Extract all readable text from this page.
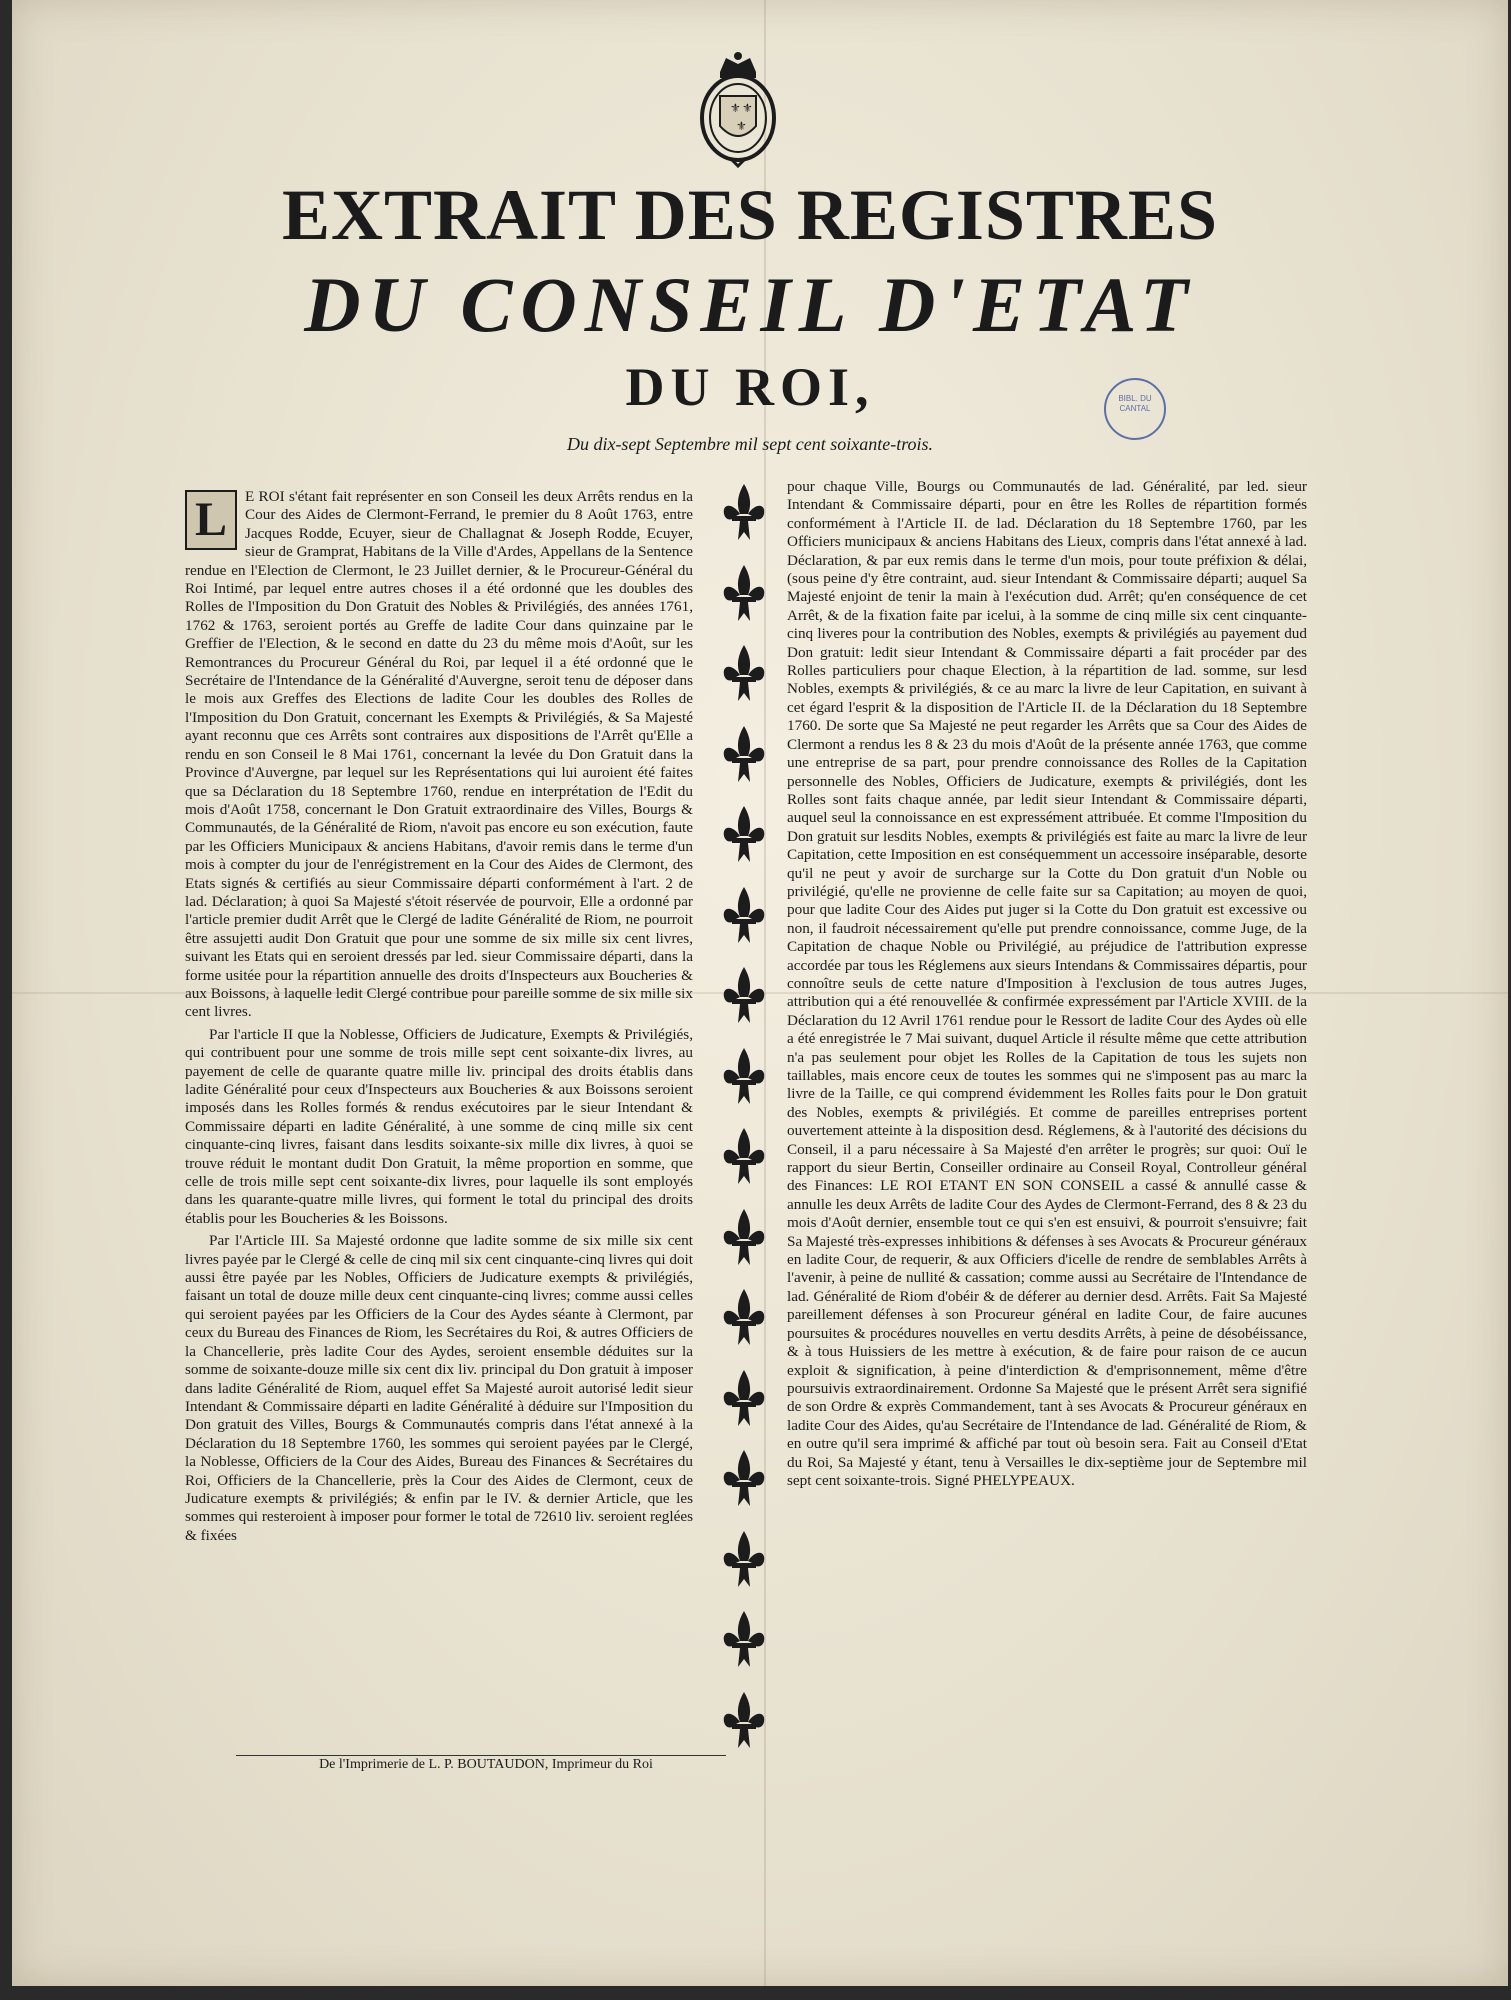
⚜ ⚜
⚜
EXTRAIT DES REGISTRES
DU CONSEIL D'ETAT
DU ROI,
Du dix-sept Septembre mil sept cent soixante-trois.
BIBL. DU CANTAL

L	E ROI s'étant fait représenter en son Conseil les deux Arrêts rendus en la Cour des Aides de Clermont-Ferrand, le premier du 8 Août 1763, entre Jacques Rodde, Ecuyer, sieur de Challagnat & Joseph Rodde, Ecuyer, sieur de Gramprat, Habitans de la Ville d'Ardes, Appellans de la Sentence rendue en l'Election de Clermont, le 23 Juillet dernier, & le Procureur-Général du Roi Intimé, par lequel entre autres choses il a été ordonné que les doubles des Rolles de l'Imposition du Don Gratuit des Nobles & Privilégiés, des années 1761, 1762 & 1763, seroient portés au Greffe de ladite Cour dans quinzaine par le Greffier de l'Election, & le second en datte du 23 du même mois d'Août, sur les Remontrances du Procureur Général du Roi, par lequel il a été ordonné que le Secrétaire de l'Intendance de la Généralité d'Auvergne, seroit tenu de déposer dans le mois aux Greffes des Elections de ladite Cour les doubles des Rolles de l'Imposition du Don Gratuit, concernant les Exempts & Privilégiés, & Sa Majesté ayant reconnu que ces Arrêts sont contraires aux dispositions de l'Arrêt qu'Elle a rendu en son Conseil le 8 Mai 1761, concernant la levée du Don Gratuit dans la Province d'Auvergne, par lequel sur les Représentations qui lui auroient été faites que sa Déclaration du 18 Septembre 1760, rendue en interprétation de l'Edit du mois d'Août 1758, concernant le Don Gratuit extraordinaire des Villes, Bourgs & Communautés, de la Généralité de Riom, n'avoit pas encore eu son exécution, faute par les Officiers Municipaux & anciens Habitans, d'avoir remis dans le terme d'un mois à compter du jour de l'enrégistrement en la Cour des Aides de Clermont, des Etats signés & certifiés au sieur Commissaire départi conformément à l'art. 2 de lad. Déclaration; à quoi Sa Majesté s'étoit réservée de pourvoir, Elle a ordonné par l'article premier dudit Arrêt que le Clergé de ladite Généralité de Riom, ne pourroit être assujetti audit Don Gratuit que pour une somme de six mille six cent livres, suivant les Etats qui en seroient dressés par led. sieur Commissaire départi, dans la forme usitée pour la répartition annuelle des droits d'Inspecteurs aux Boucheries & aux Boissons, à laquelle ledit Clergé contribue pour pareille somme de six mille six cent livres.

Par l'article II que la Noblesse, Officiers de Judicature, Exempts & Privilégiés, qui contribuent pour une somme de trois mille sept cent soixante-dix livres, au payement de celle de quarante quatre mille liv. principal des droits établis dans ladite Généralité pour ceux d'Inspecteurs aux Boucheries & aux Boissons seroient imposés dans les Rolles formés & rendus exécutoires par le sieur Intendant & Commissaire départi en ladite Généralité, à une somme de cinq mille six cent cinquante-cinq livres, faisant dans lesdits soixante-six mille dix livres, à quoi se trouve réduit le montant dudit Don Gratuit, la même proportion en somme, que celle de trois mille sept cent soixante-dix livres, pour laquelle ils sont employés dans les quarante-quatre mille livres, qui forment le total du principal des droits établis pour les Boucheries & les Boissons.

Par l'Article III. Sa Majesté ordonne que ladite somme de six mille six cent livres payée par le Clergé & celle de cinq mil six cent cinquante-cinq livres qui doit aussi être payée par les Nobles, Officiers de Judicature exempts & privilégiés, faisant un total de douze mille deux cent cinquante-cinq livres; comme aussi celles qui seroient payées par les Officiers de la Cour des Aydes séante à Clermont, par ceux du Bureau des Finances de Riom, les Secrétaires du Roi, & autres Officiers de la Chancellerie, près ladite Cour des Aydes, seroient ensemble déduites sur la somme de soixante-douze mille six cent dix liv. principal du Don gratuit à imposer dans ladite Généralité de Riom, auquel effet Sa Majesté auroit autorisé ledit sieur Intendant & Commissaire départi en ladite Généralité à déduire sur l'Imposition du Don gratuit des Villes, Bourgs & Communautés compris dans l'état annexé à la Déclaration du 18 Septembre 1760, les sommes qui seroient payées par le Clergé, la Noblesse, Officiers de la Cour des Aides, Bureau des Finances & Secrétaires du Roi, Officiers de la Chancellerie, près la Cour des Aides de Clermont, ceux de Judicature exempts & privilégiés; & enfin par le IV. & dernier Article, que les sommes qui resteroient à imposer pour former le total de 72610 liv. seroient reglées & fixées

pour chaque Ville, Bourgs ou Communautés de lad. Généralité, par led. sieur Intendant & Commissaire départi, pour en être les Rolles de répartition formés conformément à l'Article II. de lad. Déclaration du 18 Septembre 1760, par les Officiers municipaux & anciens Habitans des Lieux, compris dans l'état annexé à lad. Déclaration, & par eux remis dans le terme d'un mois, pour toute préfixion & délai, (sous peine d'y être contraint, aud. sieur Intendant & Commissaire départi; auquel Sa Majesté enjoint de tenir la main à l'exécution dud. Arrêt; qu'en conséquence de cet Arrêt, & de la fixation faite par icelui, à la somme de cinq mille six cent cinquante-cinq liveres pour la contribution des Nobles, exempts & privilégiés au payement dud Don gratuit: ledit sieur Intendant & Commissaire départi a fait procéder par des Rolles particuliers pour chaque Election, à la répartition de lad. somme, sur lesd Nobles, exempts & privilégiés, & ce au marc la livre de leur Capitation, en suivant à cet égard l'esprit & la disposition de l'Article II. de la Déclaration du 18 Septembre 1760. De sorte que Sa Majesté ne peut regarder les Arrêts que sa Cour des Aides de Clermont a rendus les 8 & 23 du mois d'Août de la présente année 1763, que comme une entreprise de sa part, pour prendre connoissance des Rolles de la Capitation personnelle des Nobles, Officiers de Judicature, exempts & privilégiés, dont les Rolles sont faits chaque année, par ledit sieur Intendant & Commissaire départi, auquel seul la connoissance en est expressément attribuée. Et comme l'Imposition du Don gratuit sur lesdits Nobles, exempts & privilégiés est faite au marc la livre de leur Capitation, cette Imposition en est conséquemment un accessoire inséparable, desorte qu'il ne peut y avoir de surcharge sur la Cotte du Don gratuit d'un Noble ou privilégié, qu'elle ne provienne de celle faite sur sa Capitation; au moyen de quoi, pour que ladite Cour des Aides put juger si la Cotte du Don gratuit est excessive ou non, il faudroit nécessairement qu'elle put prendre connoissance, comme Juge, de la Capitation de chaque Noble ou Privilégié, au préjudice de l'attribution expresse accordée par tous les Réglemens aux sieurs Intendans & Commissaires départis, pour connoître seuls de cette nature d'Imposition à l'exclusion de tous autres Juges, attribution qui a été renouvellée & confirmée expressément par l'Article XVIII. de la Déclaration du 12 Avril 1761 rendue pour le Ressort de ladite Cour des Aydes où elle a été enregistrée le 7 Mai suivant, duquel Article il résulte même que cette attribution n'a pas seulement pour objet les Rolles de la Capitation de tous les sujets non taillables, mais encore ceux de toutes les sommes qui ne s'imposent pas au marc la livre de la Taille, ce qui comprend évidemment les Rolles faits pour le Don gratuit des Nobles, exempts & privilégiés. Et comme de pareilles entreprises portent ouvertement atteinte à la disposition desd. Réglemens, & à l'autorité des décisions du Conseil, il a paru nécessaire à Sa Majesté d'en arrêter le progrès; sur quoi: Ouï le rapport du sieur Bertin, Conseiller ordinaire au Conseil Royal, Controlleur général des Finances: LE ROI ETANT EN SON CONSEIL a cassé & annullé casse & annulle les deux Arrêts de ladite Cour des Aydes de Clermont-Ferrand, des 8 & 23 du mois d'Août dernier, ensemble tout ce qui s'en est ensuivi, & pourroit s'ensuivre; fait Sa Majesté très-expresses inhibitions & défenses à ses Avocats & Procureur généraux en ladite Cour, de requerir, & aux Officiers d'icelle de rendre de semblables Arrêts à l'avenir, à peine de nullité & cassation; comme aussi au Secrétaire de l'Intendance de lad. Généralité de Riom d'obéir & de déferer au dernier desd. Arrêts. Fait Sa Majesté pareillement défenses à son Procureur général en ladite Cour, de faire aucunes poursuites & procédures nouvelles en vertu desdits Arrêts, à peine de désobéissance, & à tous Huissiers de les mettre à exécution, & de faire pour raison de ce aucun exploit & signification, à peine d'interdiction & d'emprisonnement, même d'être poursuivis extraordinairement. Ordonne Sa Majesté que le présent Arrêt sera signifié de son Ordre & exprès Commandement, tant à ses Avocats & Procureur généraux en ladite Cour des Aides, qu'au Secrétaire de l'Intendance de lad. Généralité de Riom, & en outre qu'il sera imprimé & affiché par tout où besoin sera. Fait au Conseil d'Etat du Roi, Sa Majesté y étant, tenu à Versailles le dix-septième jour de Septembre mil sept cent soixante-trois. Signé PHELYPEAUX.

De l'Imprimerie de L. P. BOUTAUDON, Imprimeur du Roi
